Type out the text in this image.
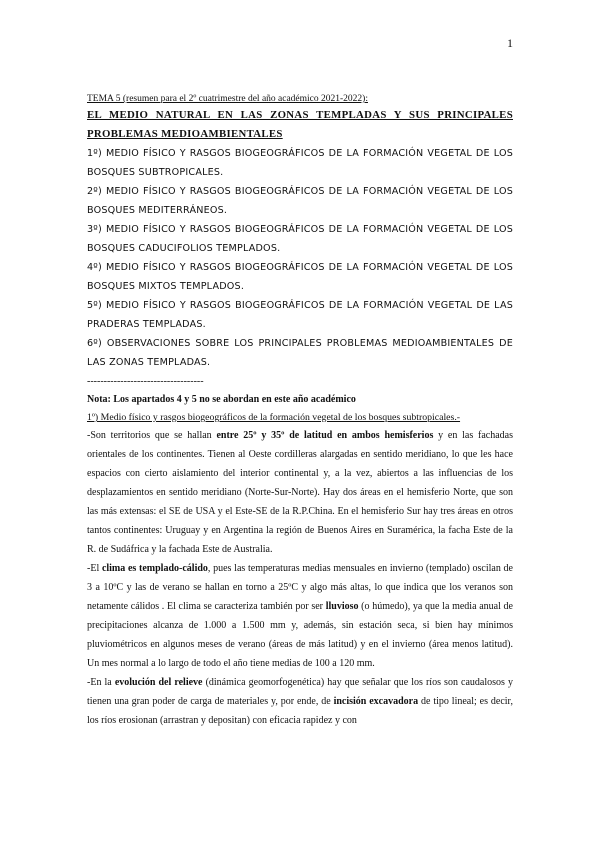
1

TEMA 5 (resumen para el 2º cuatrimestre del año académico 2021-2022):

EL MEDIO NATURAL EN LAS ZONAS TEMPLADAS Y SUS PRINCIPALES PROBLEMAS MEDIOAMBIENTALES

1º) MEDIO FÍSICO Y RASGOS BIOGEOGRÁFICOS DE LA FORMACIÓN VEGETAL DE LOS BOSQUES SUBTROPICALES.

2º) MEDIO FÍSICO Y RASGOS BIOGEOGRÁFICOS DE LA FORMACIÓN VEGETAL DE LOS BOSQUES MEDITERRÁNEOS.

3º) MEDIO FÍSICO Y RASGOS BIOGEOGRÁFICOS DE LA FORMACIÓN VEGETAL DE LOS BOSQUES CADUCIFOLIOS TEMPLADOS.

4º) MEDIO FÍSICO Y RASGOS BIOGEOGRÁFICOS DE LA FORMACIÓN VEGETAL DE LOS BOSQUES MIXTOS TEMPLADOS.

5º) MEDIO FÍSICO Y RASGOS BIOGEOGRÁFICOS DE LA FORMACIÓN VEGETAL DE LAS PRADERAS TEMPLADAS.

6º) OBSERVACIONES SOBRE LOS PRINCIPALES PROBLEMAS MEDIOAMBIENTALES DE LAS ZONAS TEMPLADAS.

-----------------------------------

Nota: Los apartados 4 y 5 no se abordan en este año académico

1º) Medio físico y rasgos biogeográficos de la formación vegetal de los bosques subtropicales.-

-Son territorios que se hallan entre 25º y 35º de latitud en ambos hemisferios y en las fachadas orientales de los continentes. Tienen al Oeste cordilleras alargadas en sentido meridiano, lo que les hace espacios con cierto aislamiento del interior continental y, a la vez, abiertos a las influencias de los desplazamientos en sentido meridiano (Norte-Sur-Norte). Hay dos áreas en el hemisferio Norte, que son las más extensas: el SE de USA y el Este-SE de la R.P.China. En el hemisferio Sur hay tres áreas en otros tantos continentes: Uruguay y en Argentina la región de Buenos Aires en Suramérica, la facha Este de la R. de Sudáfrica y la fachada Este de Australia.

-El clima es templado-cálido, pues las temperaturas medias mensuales en invierno (templado) oscilan de 3 a 10ºC y las de verano se hallan en torno a 25ºC y algo más altas, lo que indica que los veranos son netamente cálidos . El clima se caracteriza también por ser lluvioso (o húmedo), ya que la media anual de precipitaciones alcanza de 1.000 a 1.500 mm y, además, sin estación seca, si bien hay mínimos pluviométricos en algunos meses de verano (áreas de más latitud) y en el invierno (área menos latitud). Un mes normal a lo largo de todo el año tiene medias de 100 a 120 mm.

-En la evolución del relieve (dinámica geomorfogenética) hay que señalar que los ríos son caudalosos y tienen una gran poder de carga de materiales y, por ende, de incisión excavadora de tipo lineal; es decir, los ríos erosionan (arrastran y depositan) con eficacia rapidez y con
